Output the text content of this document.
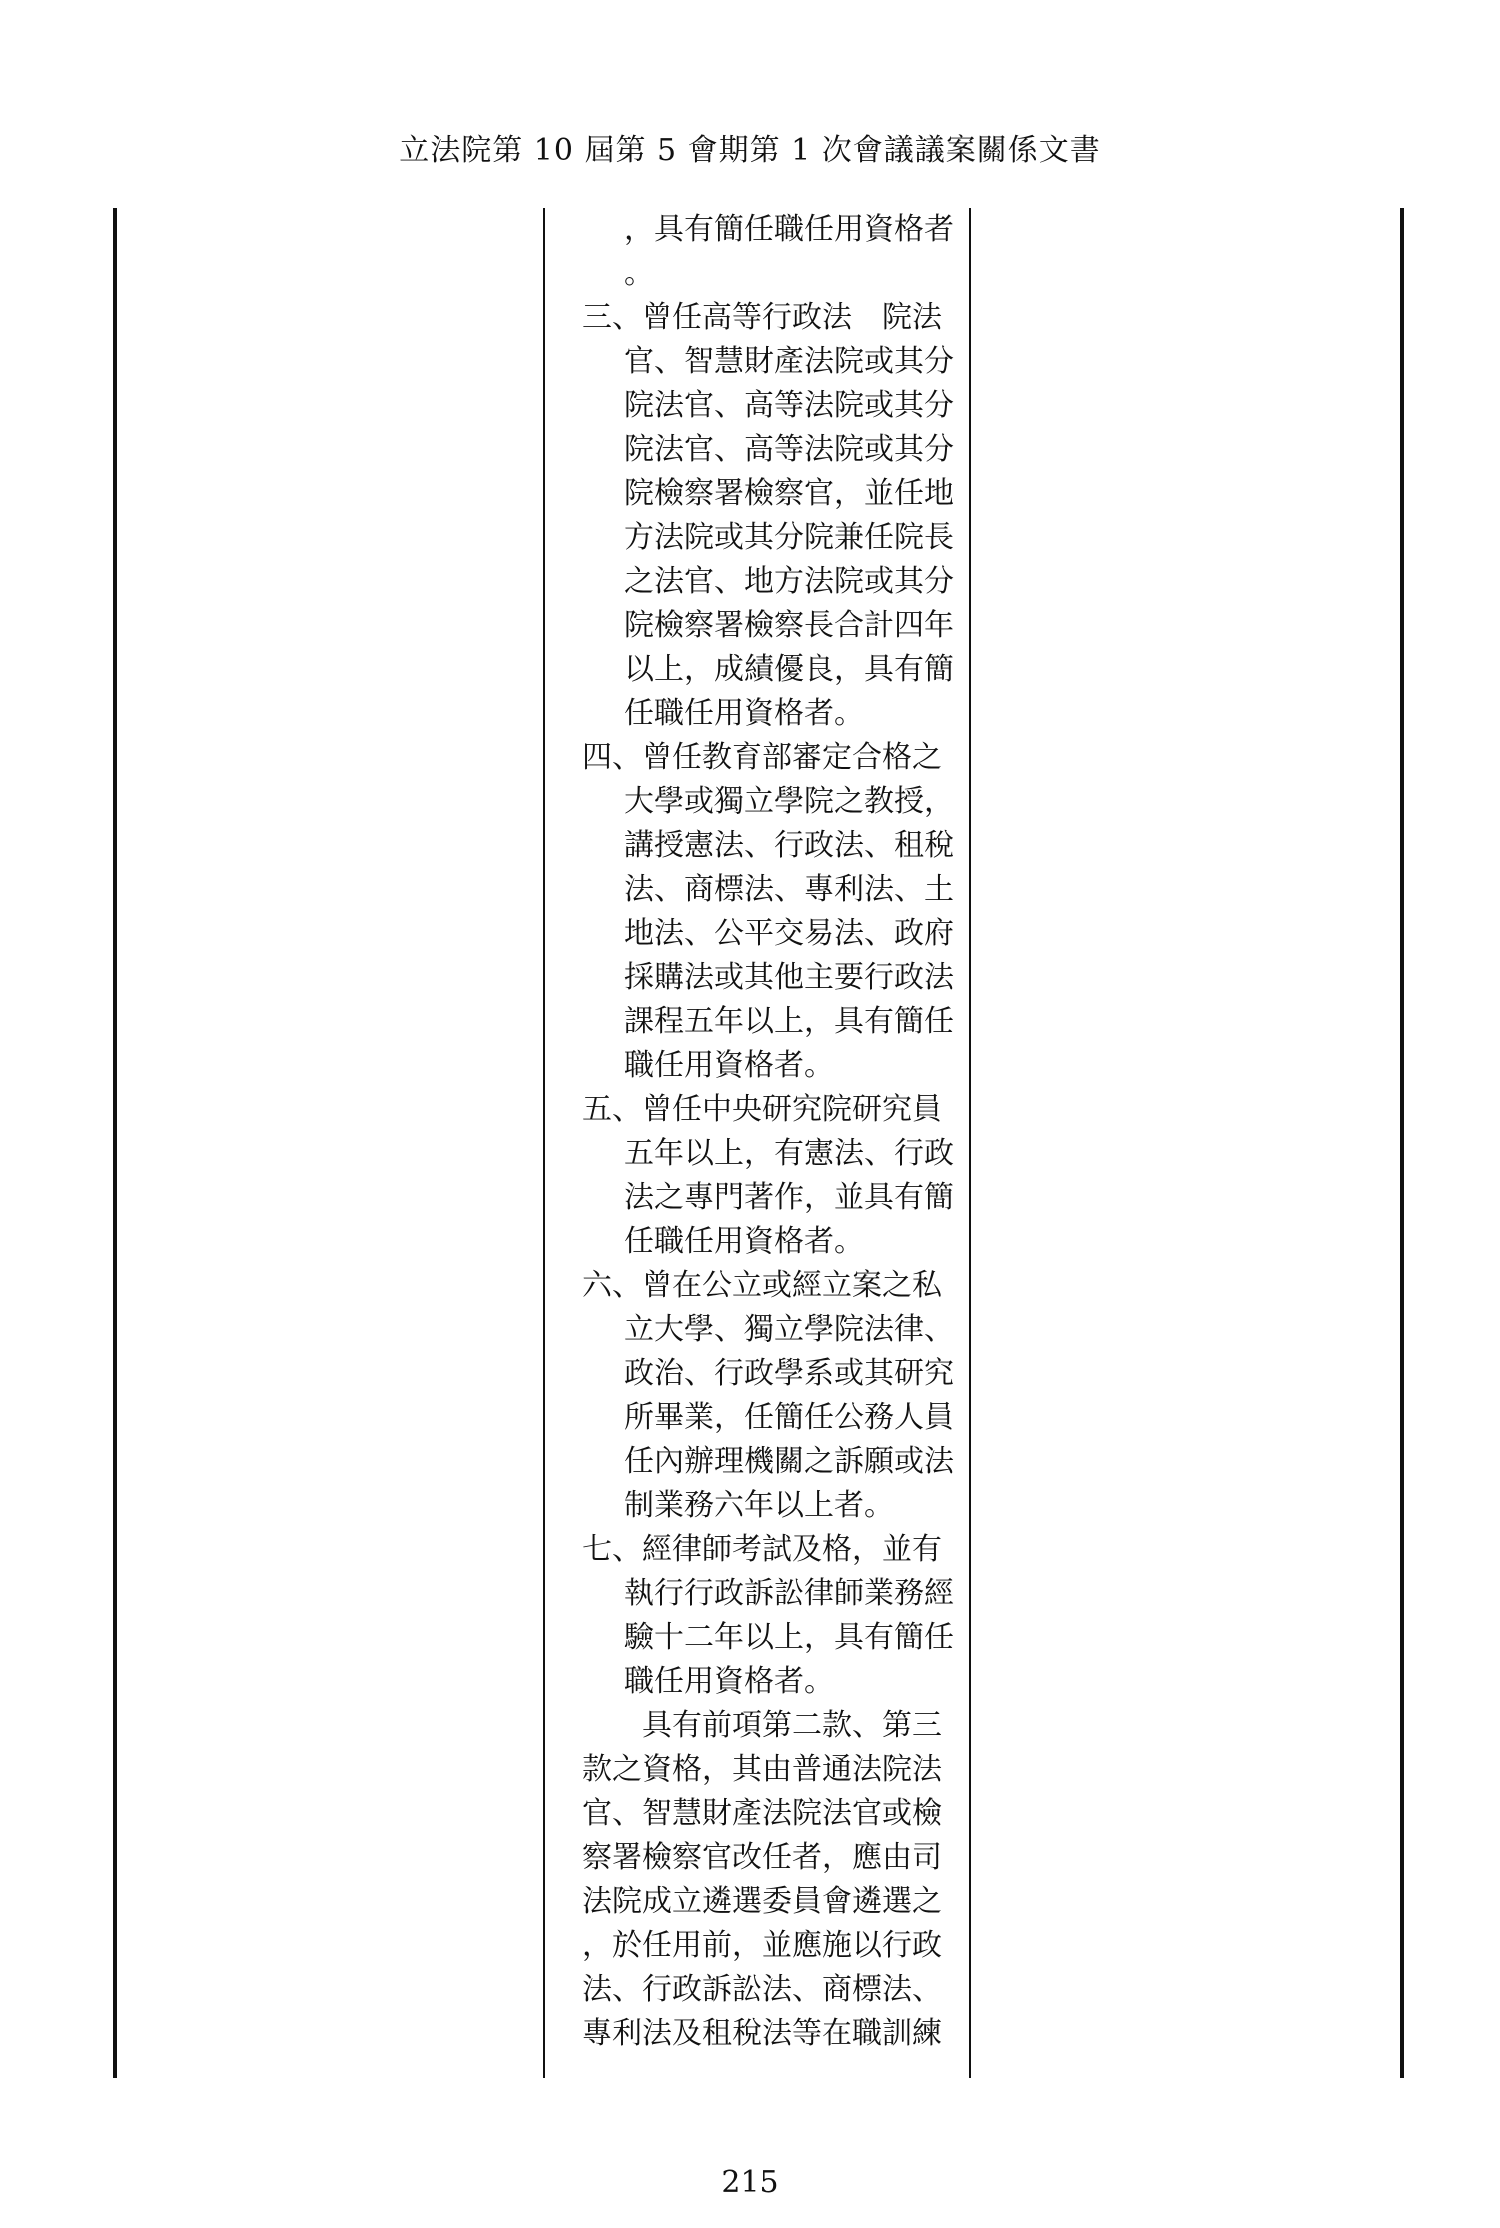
立法院第 10 屆第 5 會期第 1 次會議議案關係文書
，具有簡任職任用資格者
。
三、曾任高等行政法　院法
官、智慧財產法院或其分
院法官、高等法院或其分
院法官、高等法院或其分
院檢察署檢察官，並任地
方法院或其分院兼任院長
之法官、地方法院或其分
院檢察署檢察長合計四年
以上，成績優良，具有簡
任職任用資格者。
四、曾任教育部審定合格之
大學或獨立學院之教授，
講授憲法、行政法、租稅
法、商標法、專利法、土
地法、公平交易法、政府
採購法或其他主要行政法
課程五年以上，具有簡任
職任用資格者。
五、曾任中央研究院研究員
五年以上，有憲法、行政
法之專門著作，並具有簡
任職任用資格者。
六、曾在公立或經立案之私
立大學、獨立學院法律、
政治、行政學系或其研究
所畢業，任簡任公務人員
任內辦理機關之訴願或法
制業務六年以上者。
七、經律師考試及格，並有
執行行政訴訟律師業務經
驗十二年以上，具有簡任
職任用資格者。
具有前項第二款、第三
款之資格，其由普通法院法
官、智慧財產法院法官或檢
察署檢察官改任者，應由司
法院成立遴選委員會遴選之
，於任用前，並應施以行政
法、行政訴訟法、商標法、
專利法及租稅法等在職訓練
215
